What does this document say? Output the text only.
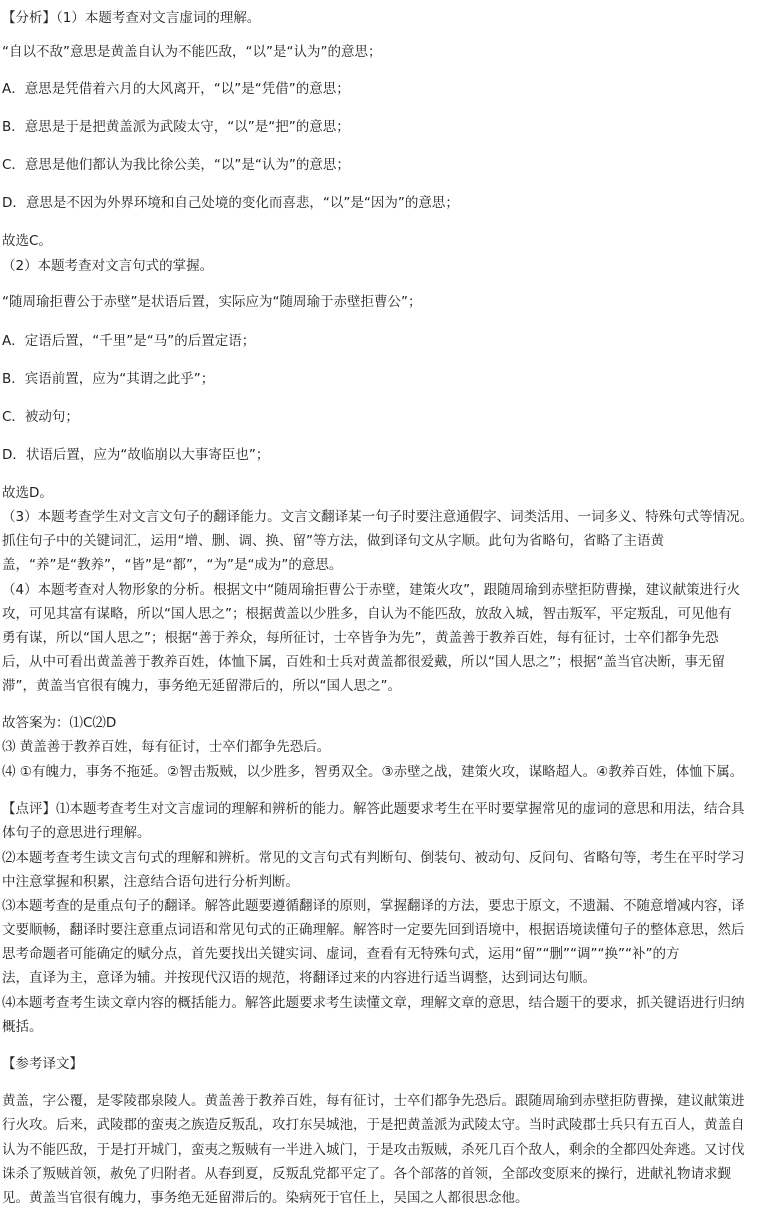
【分析】（1）本题考查对文言虚词的理解。
“自以不敌”意思是黄盖自认为不能匹敌，“以”是“认为”的意思；
A．意思是凭借着六月的大风离开，“以”是“凭借”的意思；
B．意思是于是把黄盖派为武陵太守，“以”是“把”的意思；
C．意思是他们都认为我比徐公美，“以”是“认为”的意思；
D．意思是不因为外界环境和自己处境的变化而喜悲，“以”是“因为”的意思；
故选C。
（2）本题考查对文言句式的掌握。
“随周瑜拒曹公于赤壁”是状语后置，实际应为“随周瑜于赤壁拒曹公”；
A．定语后置，“千里”是“马”的后置定语；
B．宾语前置，应为“其谓之此乎”；
C．被动句；
D．状语后置，应为“故临崩以大事寄臣也”；
故选D。
（3）本题考查学生对文言文句子的翻译能力。文言文翻译某一句子时要注意通假字、词类活用、一词多义、特殊句式等情况。
抓住句子中的关键词汇，运用“增、删、调、换、留”等方法，做到译句文从字顺。此句为省略句，省略了主语黄
盖，“养”是“教养”，“皆”是“都”，“为”是“成为”的意思。
（4）本题考查对人物形象的分析。根据文中“随周瑜拒曹公于赤壁，建策火攻”，跟随周瑜到赤壁拒防曹操，建议献策进行火
攻，可见其富有谋略，所以“国人思之”；根据黄盖以少胜多，自认为不能匹敌，放敌入城，智击叛军，平定叛乱，可见他有
勇有谋，所以“国人思之”；根据“善于养众，每所征讨，士卒皆争为先”，黄盖善于教养百姓，每有征讨，士卒们都争先恐
后，从中可看出黄盖善于教养百姓，体恤下属，百姓和士兵对黄盖都很爱戴，所以“国人思之”；根据“盖当官决断，事无留
滞”，黄盖当官很有魄力，事务绝无延留滞后的，所以“国人思之”。
故答案为：⑴C⑵D
⑶ 黄盖善于教养百姓，每有征讨，士卒们都争先恐后。
⑷ ①有魄力，事务不拖延。②智击叛贼，以少胜多，智勇双全。③赤壁之战，建策火攻，谋略超人。④教养百姓，体恤下属。
【点评】⑴本题考查考生对文言虚词的理解和辨析的能力。解答此题要求考生在平时要掌握常见的虚词的意思和用法，结合具
体句子的意思进行理解。
⑵本题考查考生读文言句式的理解和辨析。常见的文言句式有判断句、倒装句、被动句、反问句、省略句等，考生在平时学习
中注意掌握和积累，注意结合语句进行分析判断。
⑶本题考查的是重点句子的翻译。解答此题要遵循翻译的原则，掌握翻译的方法，要忠于原文，不遗漏、不随意增减内容，译
文要顺畅，翻译时要注意重点词语和常见句式的正确理解。解答时一定要先回到语境中，根据语境读懂句子的整体意思，然后
思考命题者可能确定的赋分点，首先要找出关键实词、虚词，查看有无特殊句式，运用“留”“删”“调”“换”“补”的方
法，直译为主，意译为辅。并按现代汉语的规范，将翻译过来的内容进行适当调整，达到词达句顺。
⑷本题考查考生读文章内容的概括能力。解答此题要求考生读懂文章，理解文章的意思，结合题干的要求，抓关键语进行归纳
概括。
【参考译文】
黄盖，字公覆，是零陵郡泉陵人。黄盖善于教养百姓，每有征讨，士卒们都争先恐后。跟随周瑜到赤壁拒防曹操，建议献策进
行火攻。后来，武陵郡的蛮夷之族造反叛乱，攻打东吴城池，于是把黄盖派为武陵太守。当时武陵郡士兵只有五百人，黄盖自
认为不能匹敌，于是打开城门，蛮夷之叛贼有一半进入城门，于是攻击叛贼，杀死几百个敌人，剩余的全都四处奔逃。又讨伐
诛杀了叛贼首领，赦免了归附者。从春到夏，反叛乱党都平定了。各个部落的首领，全部改变原来的操行，进献礼物请求觐
见。黄盖当官很有魄力，事务绝无延留滞后的。染病死于官任上，吴国之人都很思念他。
